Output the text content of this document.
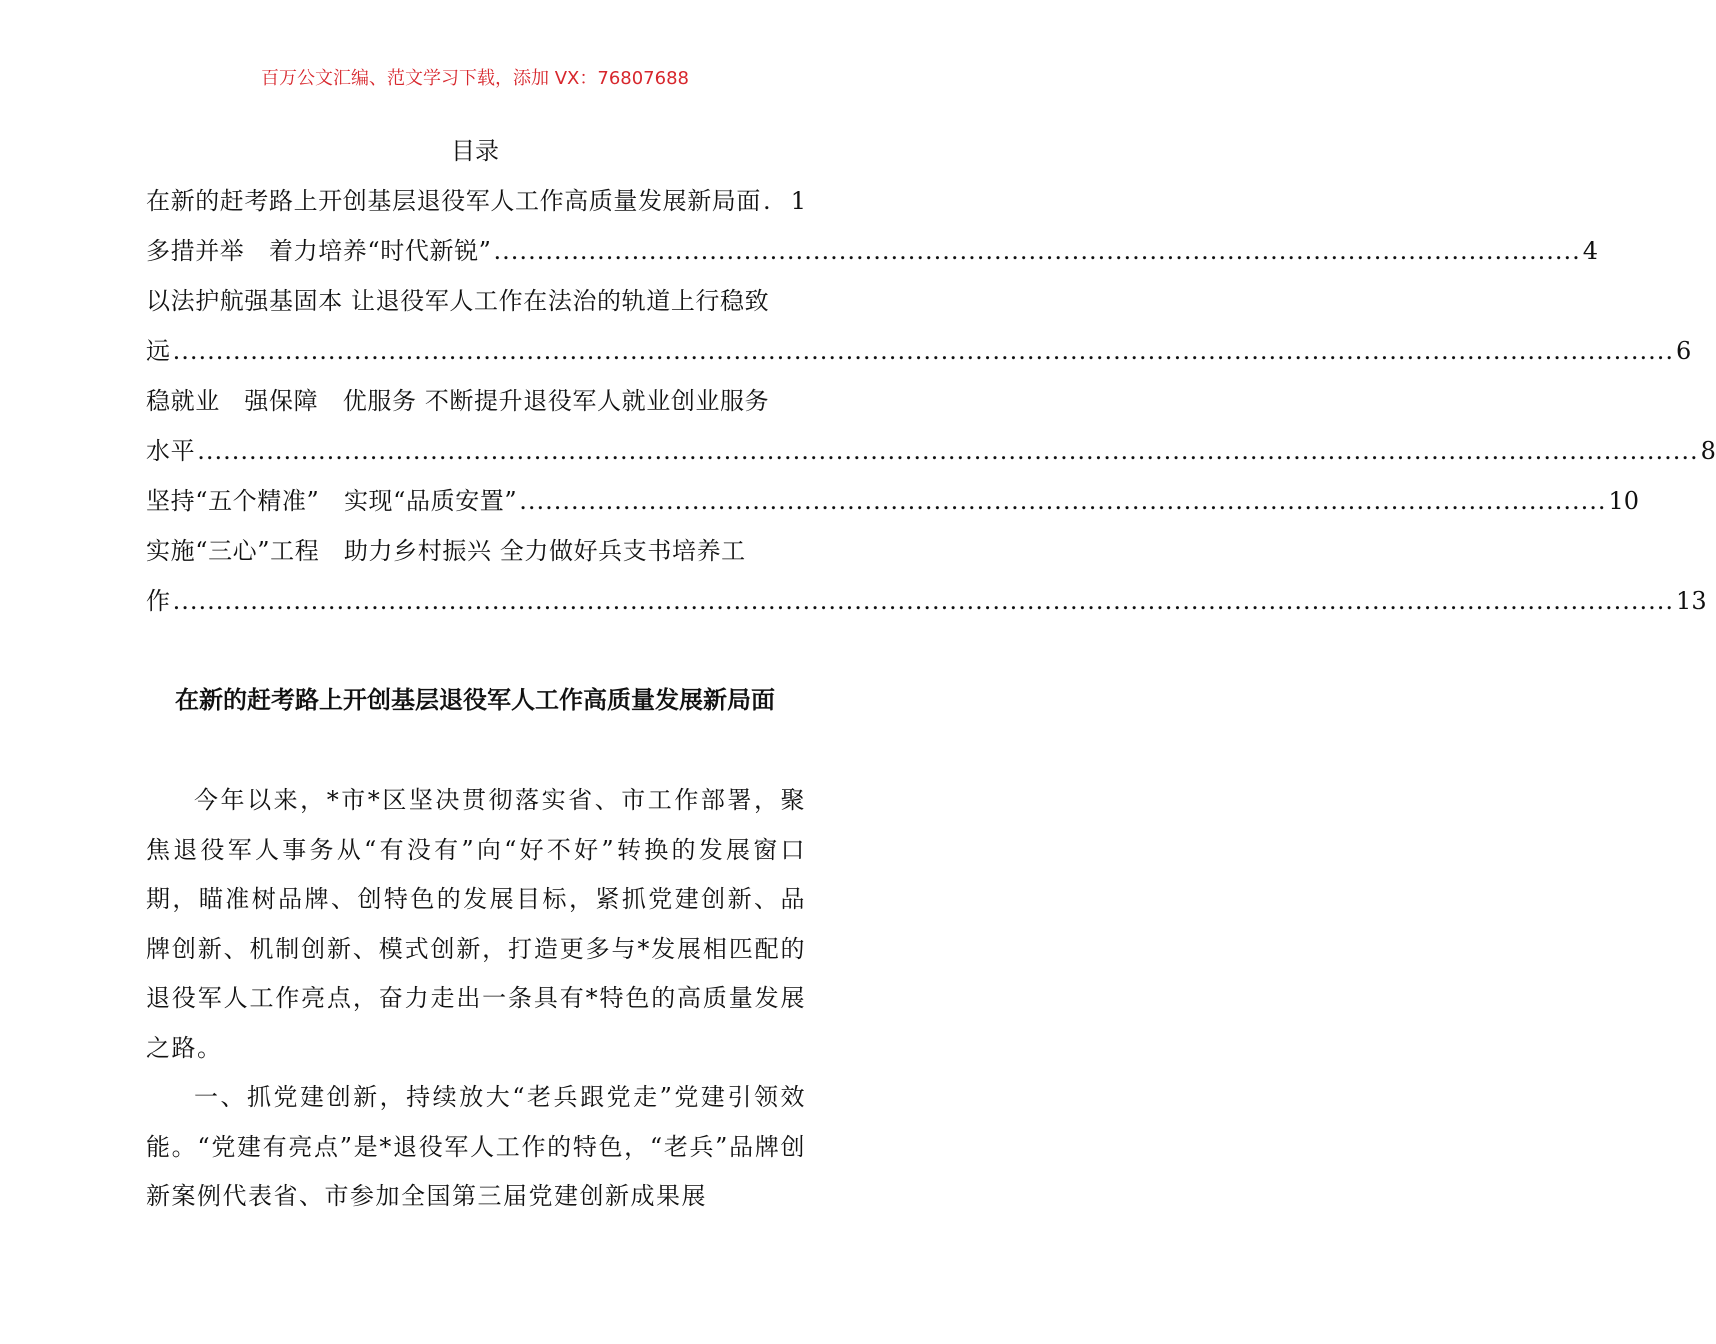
百万公文汇编、范文学习下载，添加 VX：76807688
目录
在新的赶考路上开创基层退役军人工作高质量发展新局面 . 1
多措并举　着力培养“时代新锐” .............................................................................................................................. 4
以法护航强基固本 让退役军人工作在法治的轨道上行稳致
远 .............................................................................................................................................................................. 6
稳就业　强保障　优服务 不断提升退役军人就业创业服务
水平 .............................................................................................................................................................................. 8
坚持“五个精准”　实现“品质安置” .............................................................................................................................. 10
实施“三心”工程　助力乡村振兴 全力做好兵支书培养工
作 .............................................................................................................................................................................. 13
在新的赶考路上开创基层退役军人工作高质量发展新局面

今年以来，*市*区坚决贯彻落实省、市工作部署，聚焦退役军人事务从“有没有”向“好不好”转换的发展窗口期，瞄准树品牌、创特色的发展目标，紧抓党建创新、品牌创新、机制创新、模式创新，打造更多与*发展相匹配的退役军人工作亮点，奋力走出一条具有*特色的高质量发展之路。

一、抓党建创新，持续放大“老兵跟党走”党建引领效能。“党建有亮点”是*退役军人工作的特色，“老兵”品牌创新案例代表省、市参加全国第三届党建创新成果展
